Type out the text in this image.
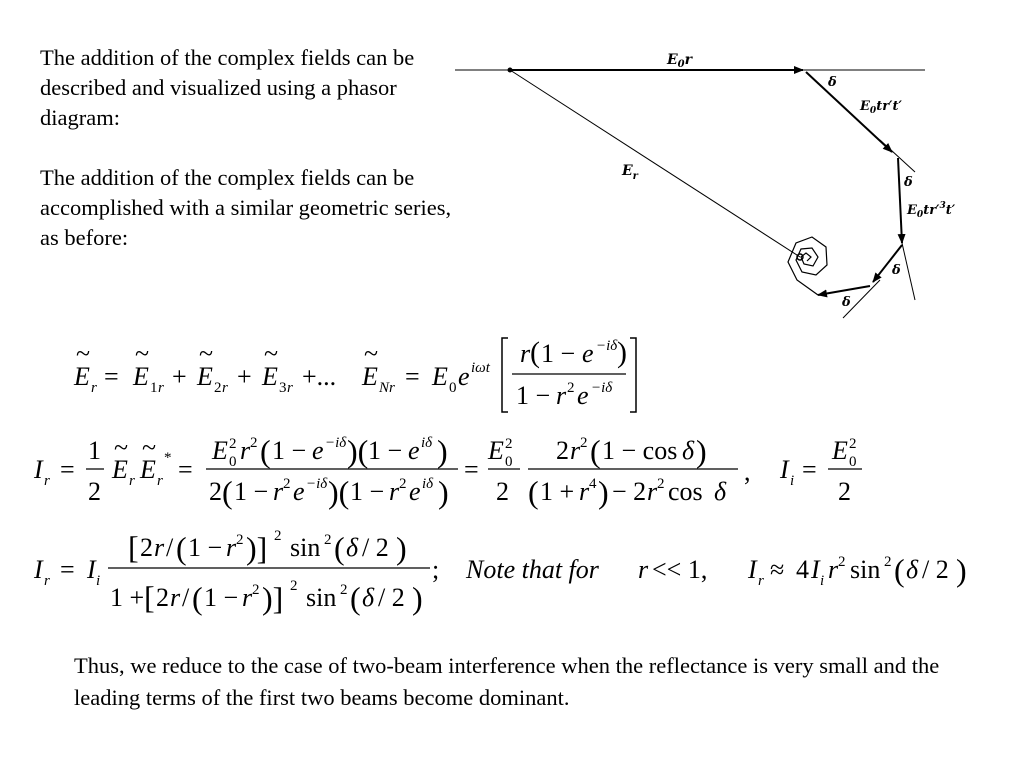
The addition of the complex fields can be described and visualized using a phasor diagram:

The addition of the complex fields can be accomplished with a similar geometric series, as before:

$E_0r$
$E_r$
δ
$E_0tr't'$
δ
$E_0tr'^3t'$
δ
δ
E r
~
= E 1 r
~
+ E 2 r
~
+ E 3 r
~
+... E Nr
~
= E 0 e iωt r ( 1 − e −iδ )
1 − r 2 e −iδ
I r =
1
2
E r
~
E r
~ * =
E 0
2 r 2 ( 1 − e −iδ )( 1 − e iδ )
2 ( 1 − r 2 e −iδ )( 1 − r 2 e iδ )
=
E 0
2
2
2 r 2 ( 1 − cos δ )
( 1 + r 4 ) − 2 r 2 cos δ
, I i =
E 0
2
2
I r = I i
[ 2 r / ( 1 − r 2 )] 2 sin 2 ( δ / 2 )
1 + [ 2 r / ( 1 − r 2 )] 2 sin 2 ( δ / 2 )
; Note that for r << 1, I r ≈ 4 I i r 2 sin 2 ( δ / 2 )

Thus, we reduce to the case of two-beam interference when the reflectance is very small and the leading terms of the first two beams become dominant.
